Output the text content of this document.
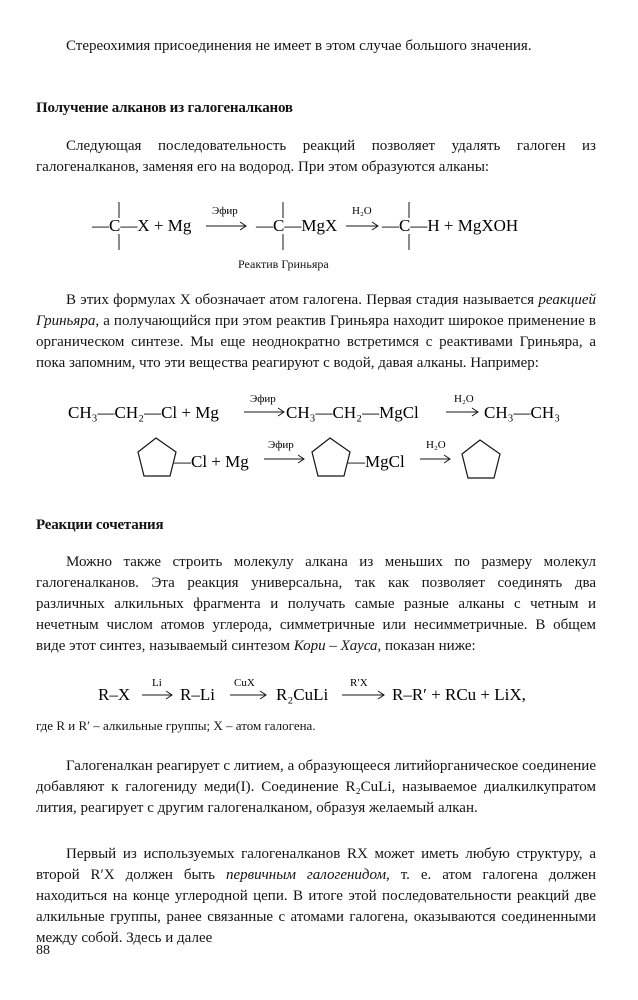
Стереохимия присоединения не имеет в этом случае большого значения.

Получение алканов из галогеналканов

Следующая последовательность реакций позволяет удалять галоген из галогеналканов, заменяя его на водород. При этом образуются алканы:

—C—X + Mg
Эфир
—C—MgX
H₂O
—C—H + MgXOH
Реактив Гриньяра

В этих формулах X обозначает атом галогена. Первая стадия называется реакцией Гриньяра, а получающийся при этом реактив Гриньяра находит широкое применение в органическом синтезе. Мы еще неоднократно встретимся с реактивами Гриньяра, а пока запомним, что эти вещества реагируют с водой, давая алканы. Например:

CH₃—CH₂—Cl + Mg
Эфир
CH₃—CH₂—MgCl
H₂O
CH₃—CH₃
—Cl + Mg
Эфир
—MgCl
H₂O
Реакции сочетания

Можно также строить молекулу алкана из меньших по размеру молекул галогеналканов. Эта реакция универсальна, так как позволяет соединять два различных алкильных фрагмента и получать самые разные алканы с четным и нечетным числом атомов углерода, симметричные или несимметричные. В общем виде этот синтез, называемый синтезом Кори – Хауса, показан ниже:

R–X
Li
R–Li
CuX
R₂CuLi
R′X
R–R′ + RCu + LiX,
где R и R′ – алкильные группы; X – атом галогена.

Галогеналкан реагирует с литием, а образующееся литийорганическое соединение добавляют к галогениду меди(I). Соединение R₂CuLi, называемое диалкилкупратом лития, реагирует с другим галогеналканом, образуя желаемый алкан.

Первый из используемых галогеналканов RX может иметь любую структуру, а второй R′X должен быть первичным галогенидом, т. е. атом галогена должен находиться на конце углеродной цепи. В итоге этой последовательности реакций две алкильные группы, ранее связанные с атомами галогена, оказываются соединенными между собой. Здесь и далее

88
